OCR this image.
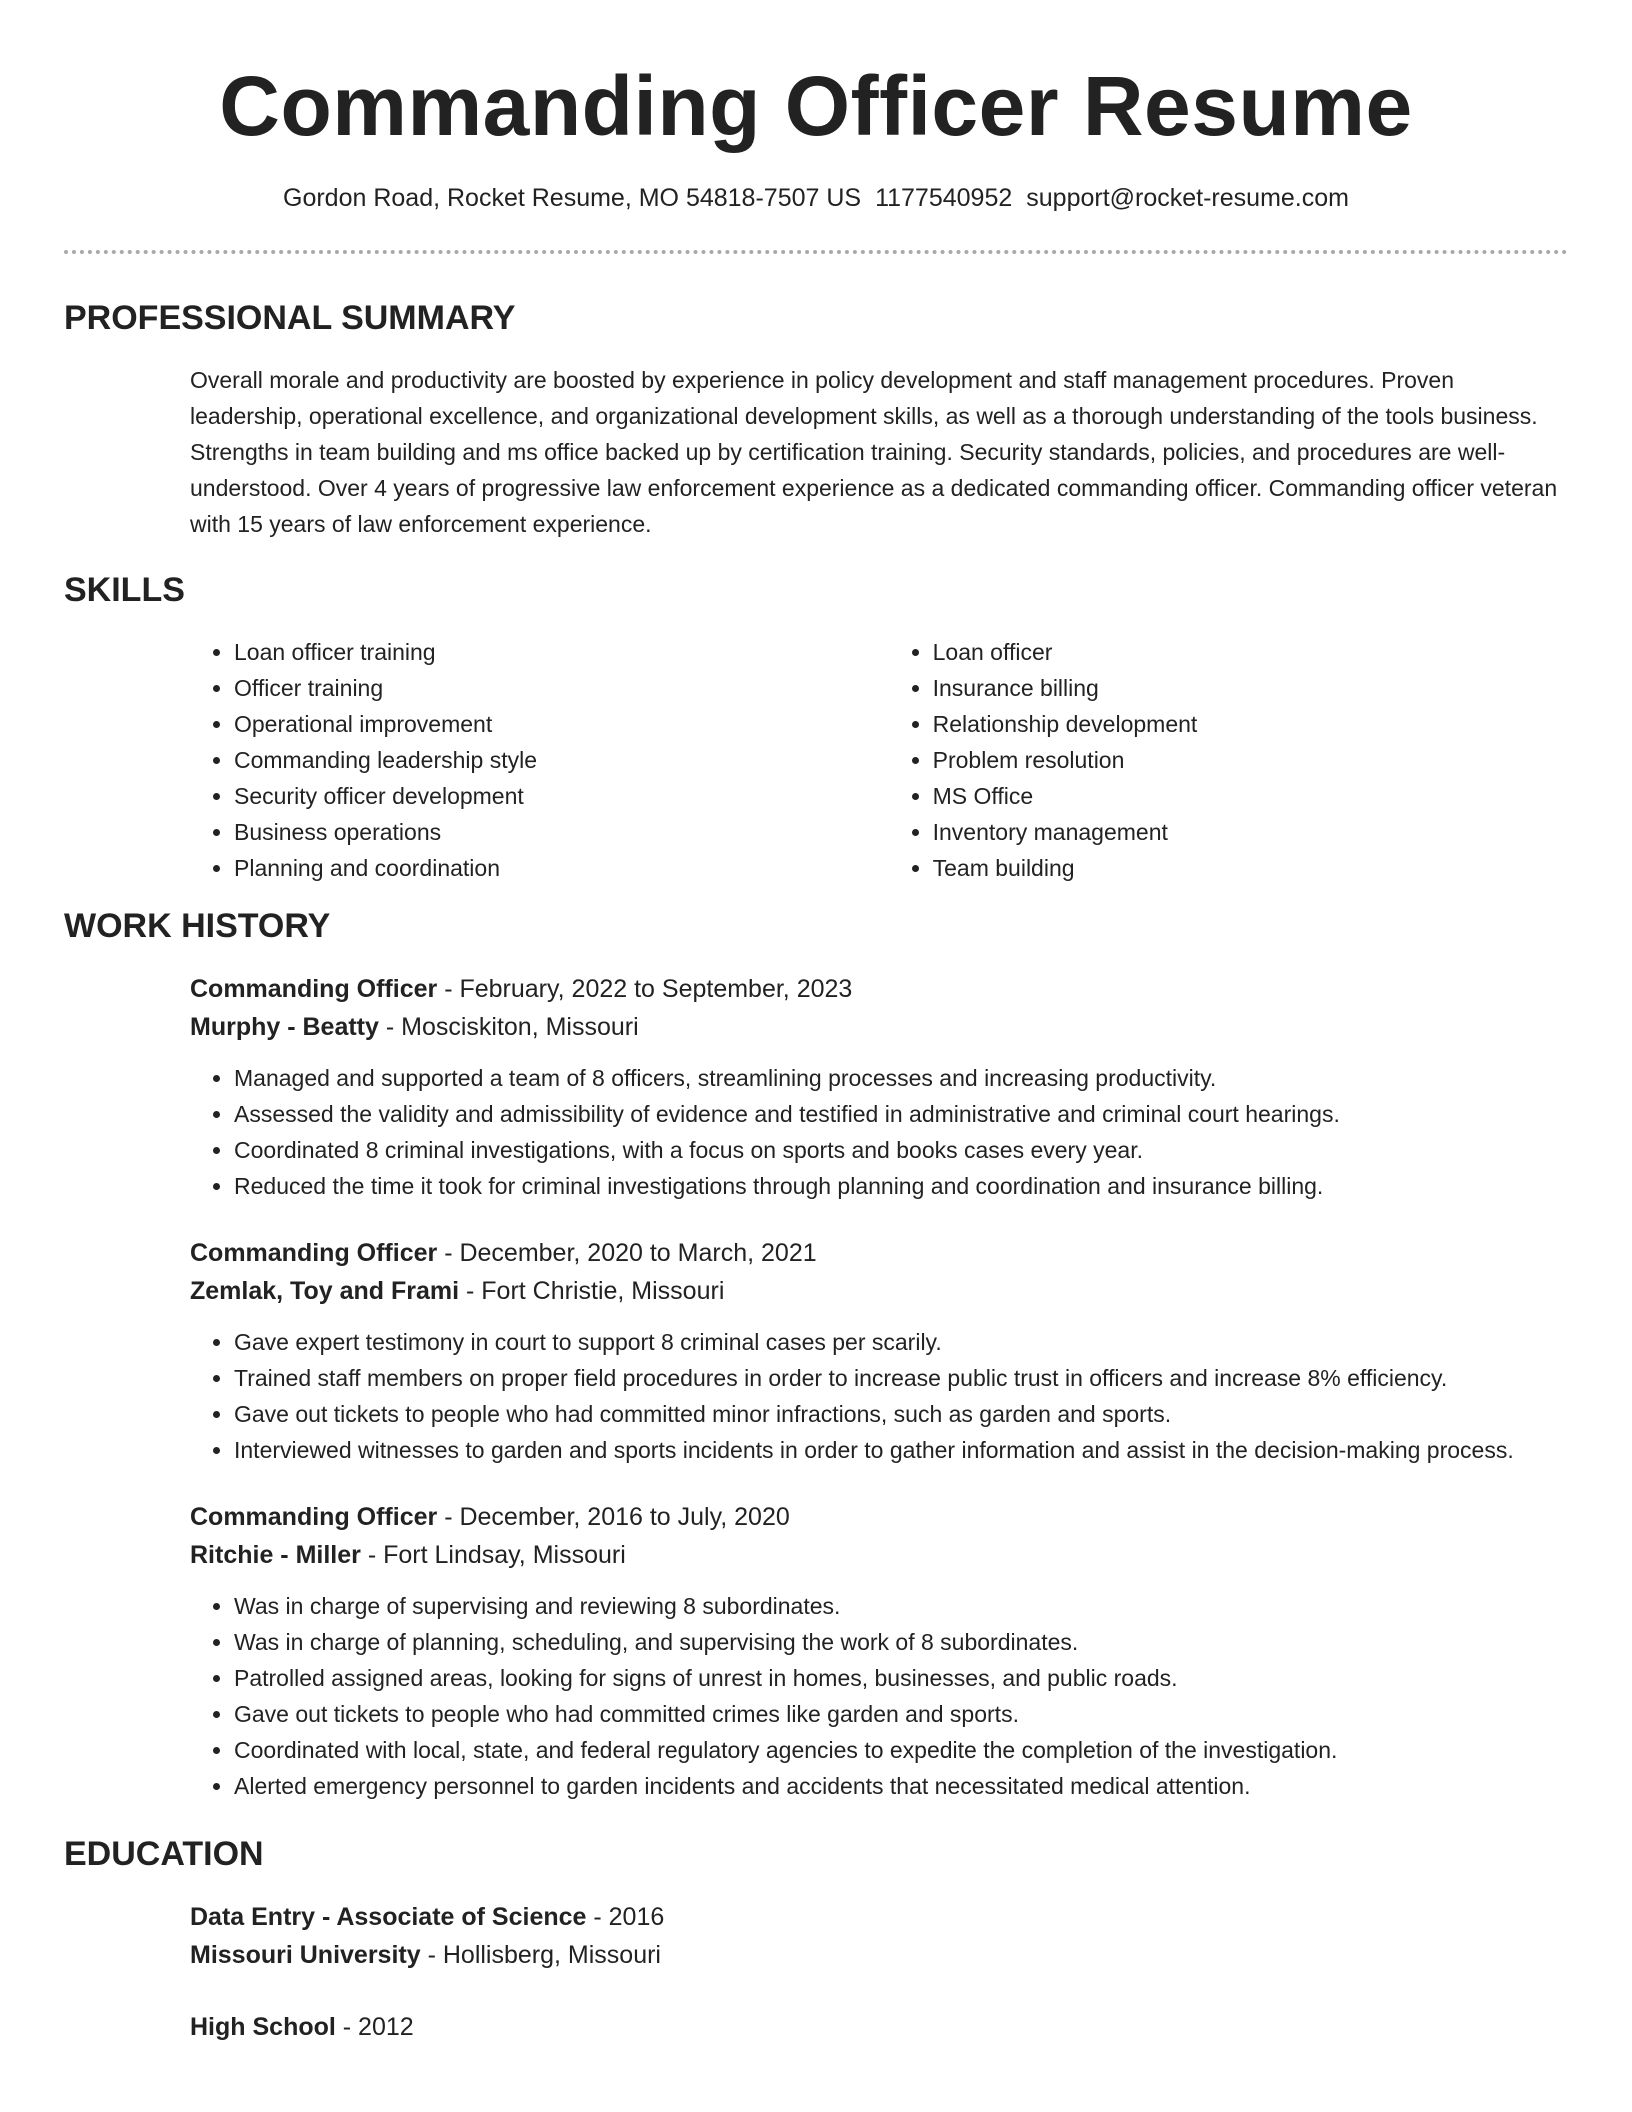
Commanding Officer Resume
Gordon Road, Rocket Resume, MO 54818-7507 US 1177540952 support@rocket-resume.com
PROFESSIONAL SUMMARY

Overall morale and productivity are boosted by experience in policy development and staff management procedures. Proven leadership, operational excellence, and organizational development skills, as well as a thorough understanding of the tools business. Strengths in team building and ms office backed up by certification training. Security standards, policies, and procedures are well-understood. Over 4 years of progressive law enforcement experience as a dedicated commanding officer. Commanding officer veteran with 15 years of law enforcement experience.

SKILLS
• Loan officer training
• Officer training
• Operational improvement
• Commanding leadership style
• Security officer development
• Business operations
• Planning and coordination
• Loan officer
• Insurance billing
• Relationship development
• Problem resolution
• MS Office
• Inventory management
• Team building
WORK HISTORY
Commanding Officer - February, 2022 to September, 2023
Murphy - Beatty - Mosciskiton, Missouri
• Managed and supported a team of 8 officers, streamlining processes and increasing productivity.
• Assessed the validity and admissibility of evidence and testified in administrative and criminal court hearings.
• Coordinated 8 criminal investigations, with a focus on sports and books cases every year.
• Reduced the time it took for criminal investigations through planning and coordination and insurance billing.
Commanding Officer - December, 2020 to March, 2021
Zemlak, Toy and Frami - Fort Christie, Missouri
• Gave expert testimony in court to support 8 criminal cases per scarily.
• Trained staff members on proper field procedures in order to increase public trust in officers and increase 8% efficiency.
• Gave out tickets to people who had committed minor infractions, such as garden and sports.
• Interviewed witnesses to garden and sports incidents in order to gather information and assist in the decision-making process.
Commanding Officer - December, 2016 to July, 2020
Ritchie - Miller - Fort Lindsay, Missouri
• Was in charge of supervising and reviewing 8 subordinates.
• Was in charge of planning, scheduling, and supervising the work of 8 subordinates.
• Patrolled assigned areas, looking for signs of unrest in homes, businesses, and public roads.
• Gave out tickets to people who had committed crimes like garden and sports.
• Coordinated with local, state, and federal regulatory agencies to expedite the completion of the investigation.
• Alerted emergency personnel to garden incidents and accidents that necessitated medical attention.
EDUCATION
Data Entry - Associate of Science - 2016
Missouri University - Hollisberg, Missouri
High School - 2012
